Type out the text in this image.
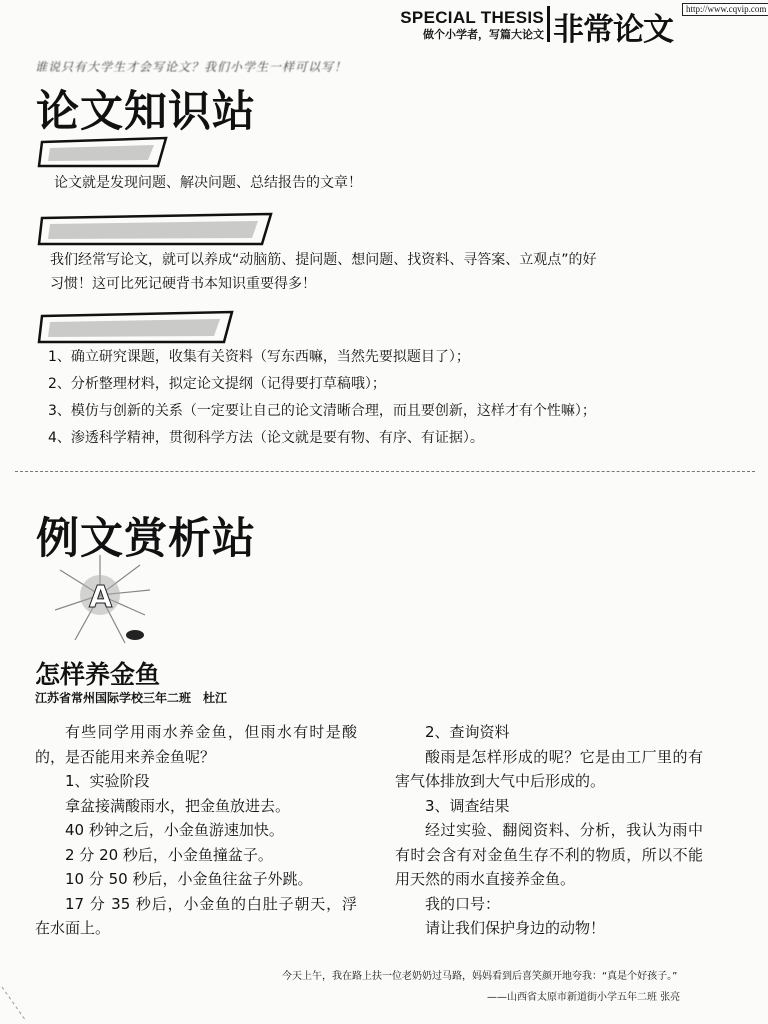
http://www.cqvip.com
SPECIAL THESIS
做个小学者，写篇大论文 非常论文
谁说只有大学生才会写论文？我们小学生一样可以写！
论文知识站
论文就是发现问题、解决问题、总结报告的文章！
我们经常写论文，就可以养成“动脑筋、提问题、想问题、找资料、寻答案、立观点”的好
习惯！这可比死记硬背书本知识重要得多！
1、确立研究课题，收集有关资料（写东西嘛，当然先要拟题目了）；
2、分析整理材料，拟定论文提纲（记得要打草稿哦）；
3、模仿与创新的关系（一定要让自己的论文清晰合理，而且要创新，这样才有个性嘛）；
4、渗透科学精神，贯彻科学方法（论文就是要有物、有序、有证据）。
例文赏析站
A
怎样养金鱼
江苏省常州国际学校三年二班　杜江

有些同学用雨水养金鱼，但雨水有时是酸的，是否能用来养金鱼呢？

1、实验阶段

拿盆接满酸雨水，把金鱼放进去。

40 秒钟之后，小金鱼游速加快。

2 分 20 秒后，小金鱼撞盆子。

10 分 50 秒后，小金鱼往盆子外跳。

17 分 35 秒后，小金鱼的白肚子朝天，浮在水面上。

2、查询资料

酸雨是怎样形成的呢？它是由工厂里的有害气体排放到大气中后形成的。

3、调查结果

经过实验、翻阅资料、分析，我认为雨中有时会含有对金鱼生存不利的物质，所以不能用天然的雨水直接养金鱼。

我的口号：

请让我们保护身边的动物！

今天上午，我在路上扶一位老奶奶过马路，妈妈看到后喜笑颜开地夸我：“真是个好孩子。”
——山西省太原市新道街小学五年二班 张亮
